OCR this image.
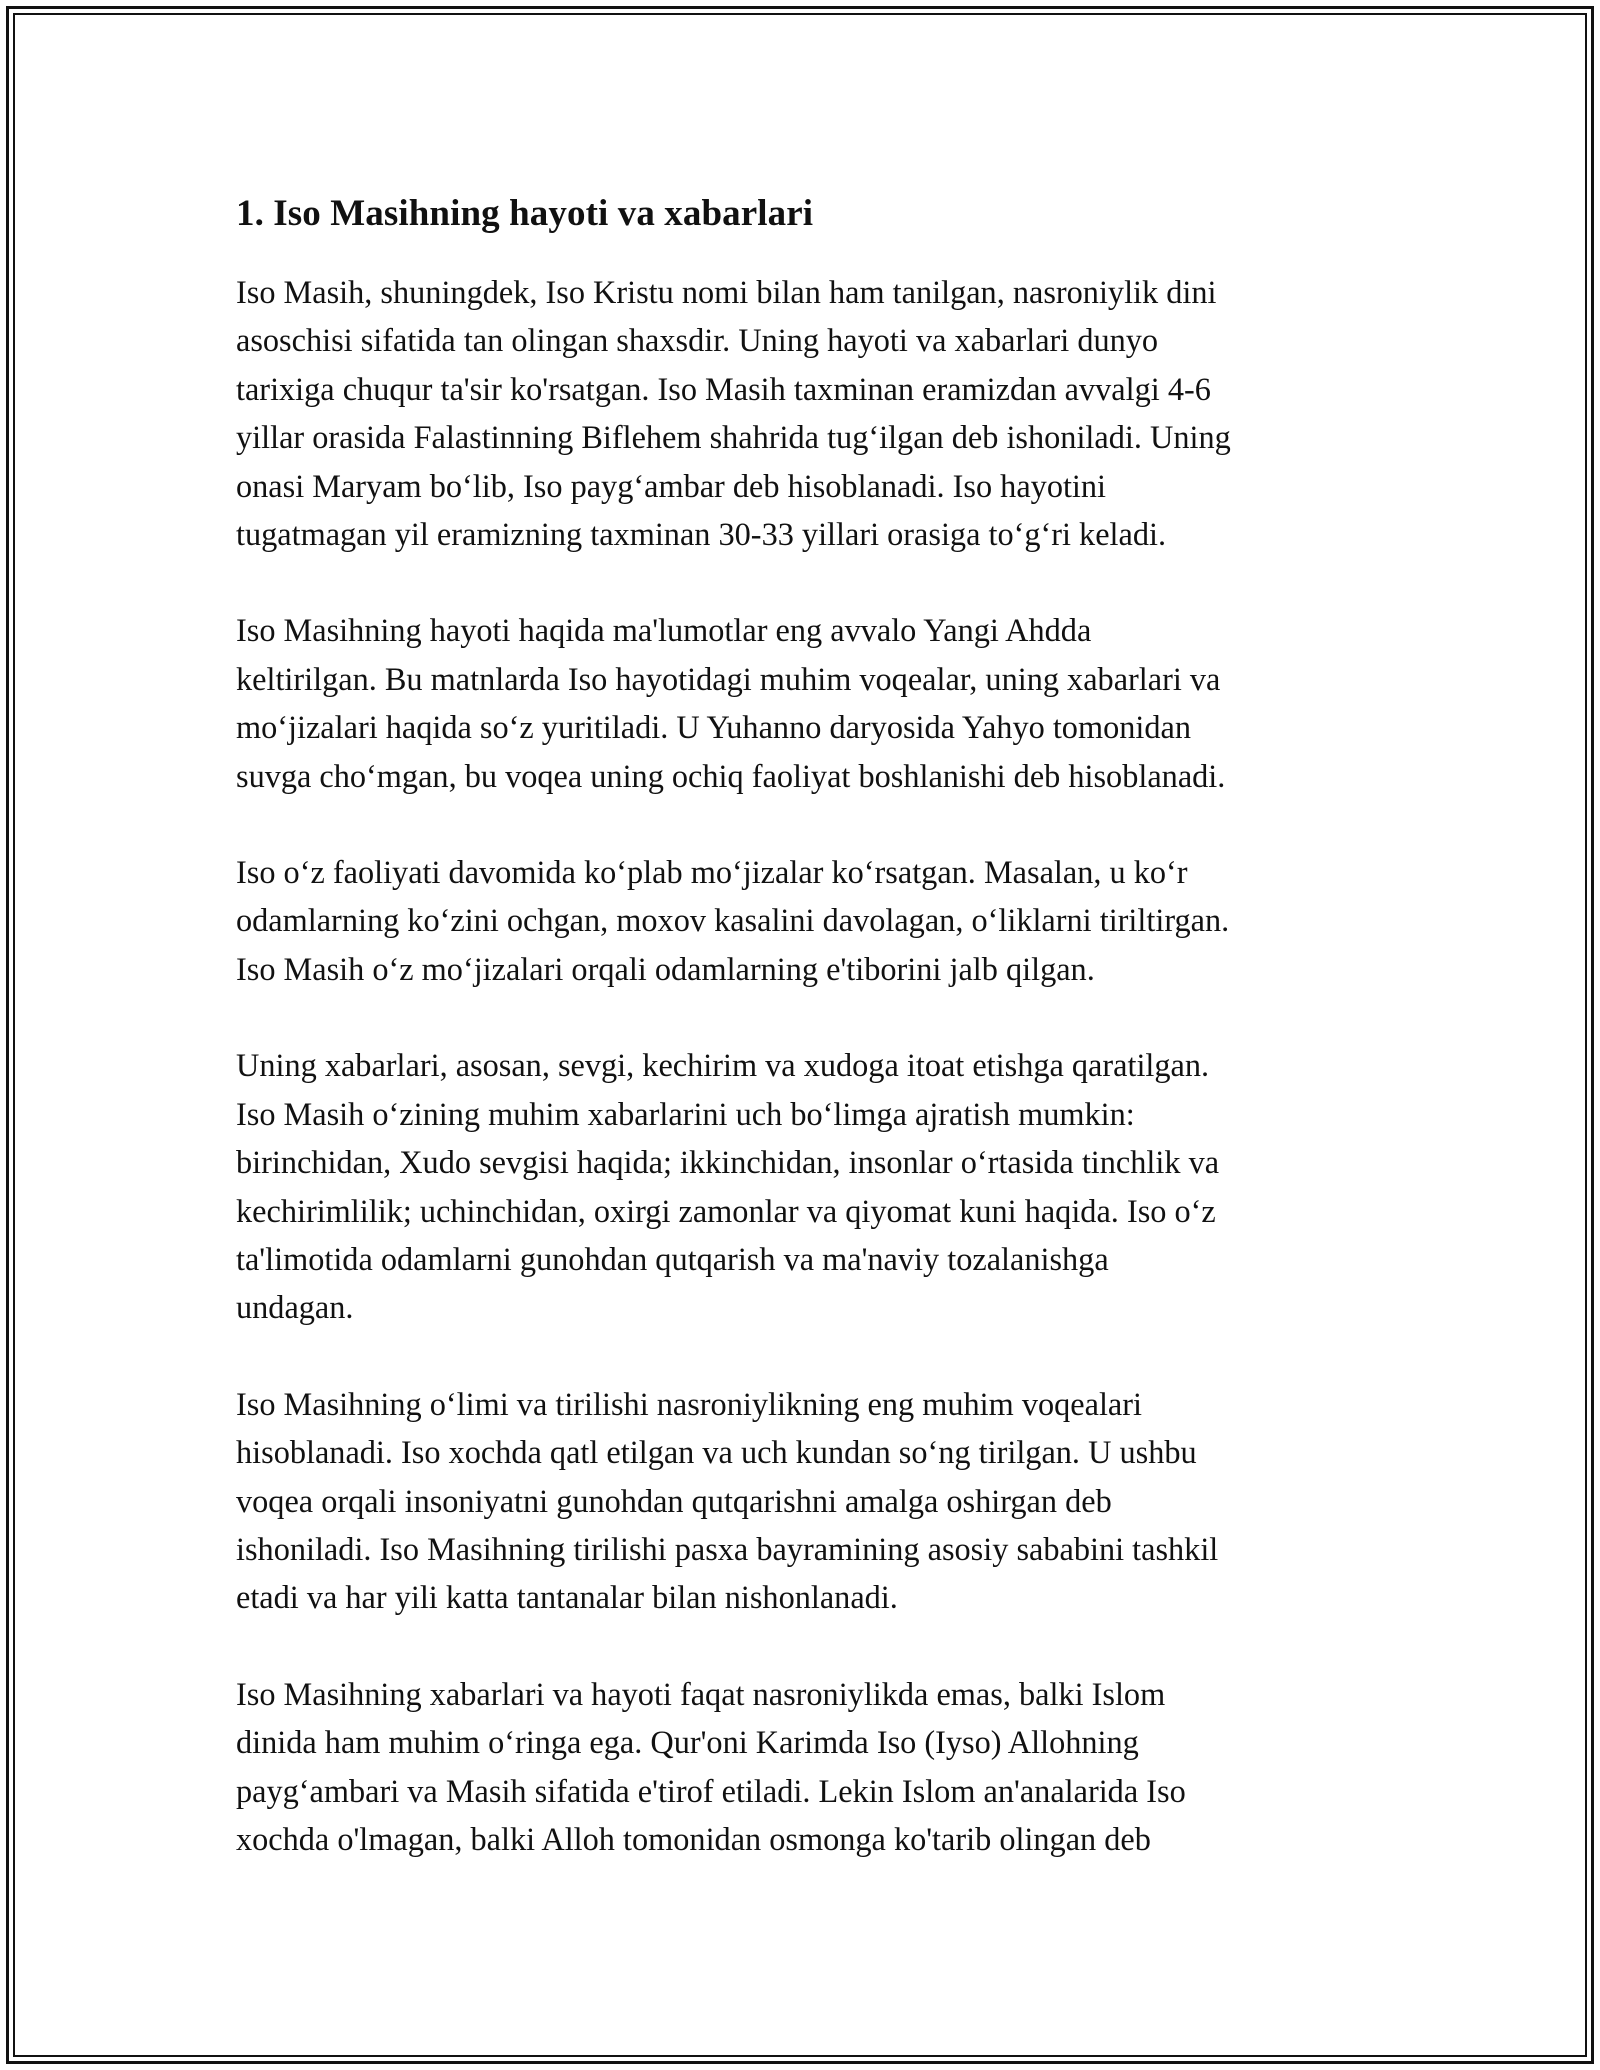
1. Iso Masihning hayoti va xabarlari

Iso Masih, shuningdek, Iso Kristu nomi bilan ham tanilgan, nasroniylik dini
asoschisi sifatida tan olingan shaxsdir. Uning hayoti va xabarlari dunyo
tarixiga chuqur ta'sir ko'rsatgan. Iso Masih taxminan eramizdan avvalgi 4-6
yillar orasida Falastinning Biflehem shahrida tug‘ilgan deb ishoniladi. Uning
onasi Maryam bo‘lib, Iso payg‘ambar deb hisoblanadi. Iso hayotini
tugatmagan yil eramizning taxminan 30-33 yillari orasiga to‘g‘ri keladi.

Iso Masihning hayoti haqida ma'lumotlar eng avvalo Yangi Ahdda
keltirilgan. Bu matnlarda Iso hayotidagi muhim voqealar, uning xabarlari va
mo‘jizalari haqida so‘z yuritiladi. U Yuhanno daryosida Yahyo tomonidan
suvga cho‘mgan, bu voqea uning ochiq faoliyat boshlanishi deb hisoblanadi.

Iso o‘z faoliyati davomida ko‘plab mo‘jizalar ko‘rsatgan. Masalan, u ko‘r
odamlarning ko‘zini ochgan, moxov kasalini davolagan, o‘liklarni tiriltirgan.
Iso Masih o‘z mo‘jizalari orqali odamlarning e'tiborini jalb qilgan.

Uning xabarlari, asosan, sevgi, kechirim va xudoga itoat etishga qaratilgan.
Iso Masih o‘zining muhim xabarlarini uch bo‘limga ajratish mumkin:
birinchidan, Xudo sevgisi haqida; ikkinchidan, insonlar o‘rtasida tinchlik va
kechirimlilik; uchinchidan, oxirgi zamonlar va qiyomat kuni haqida. Iso o‘z
ta'limotida odamlarni gunohdan qutqarish va ma'naviy tozalanishga
undagan.

Iso Masihning o‘limi va tirilishi nasroniylikning eng muhim voqealari
hisoblanadi. Iso xochda qatl etilgan va uch kundan so‘ng tirilgan. U ushbu
voqea orqali insoniyatni gunohdan qutqarishni amalga oshirgan deb
ishoniladi. Iso Masihning tirilishi pasxa bayramining asosiy sababini tashkil
etadi va har yili katta tantanalar bilan nishonlanadi.

Iso Masihning xabarlari va hayoti faqat nasroniylikda emas, balki Islom
dinida ham muhim o‘ringa ega. Qur'oni Karimda Iso (Iyso) Allohning
payg‘ambari va Masih sifatida e'tirof etiladi. Lekin Islom an'analarida Iso
xochda o'lmagan, balki Alloh tomonidan osmonga ko'tarib olingan deb
